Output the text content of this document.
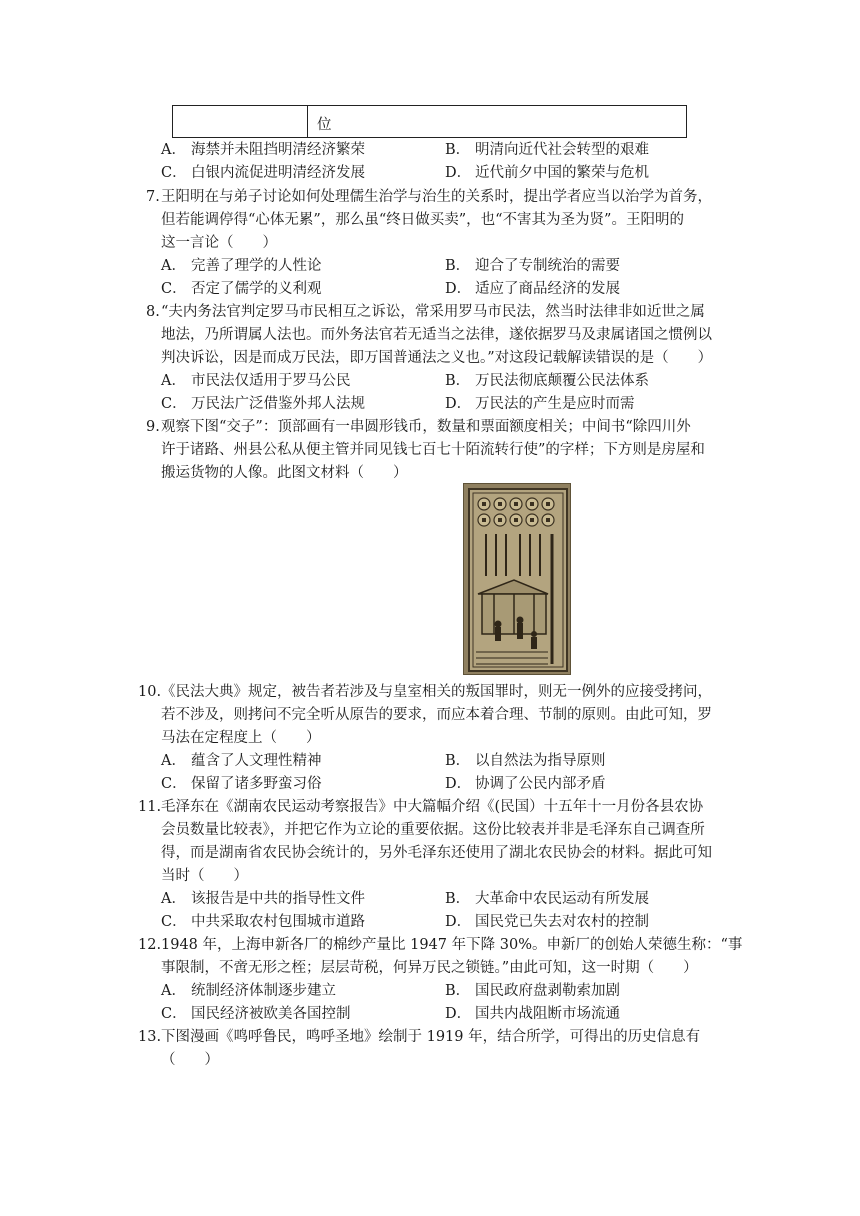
位
A． 海禁并未阻挡明清经济繁荣	B． 明清向近代社会转型的艰难
C． 白银内流促进明清经济发展	D． 近代前夕中国的繁荣与危机
7. 王阳明在与弟子讨论如何处理儒生治学与治生的关系时，提出学者应当以治学为首务，
但若能调停得“心体无累”，那么虽“终日做买卖”，也“不害其为圣为贤”。王阳明的
这一言论（　　）
A． 完善了理学的人性论	B． 迎合了专制统治的需要
C． 否定了儒学的义利观	D． 适应了商品经济的发展
8. “夫内务法官判定罗马市民相互之诉讼，常采用罗马市民法，然当时法律非如近世之属
地法，乃所谓属人法也。而外务法官若无适当之法律，遂依据罗马及隶属诸国之惯例以
判决诉讼，因是而成万民法，即万国普通法之义也。”对这段记载解读错误的是（　　）
A． 市民法仅适用于罗马公民	B． 万民法彻底颠覆公民法体系
C． 万民法广泛借鉴外邦人法规	D． 万民法的产生是应时而需
9. 观察下图“交子”：顶部画有一串圆形钱币，数量和票面额度相关；中间书“除四川外
许于诸路、州县公私从便主管并同见钱七百七十陌流转行使”的字样；下方则是房屋和
搬运货物的人像。此图文材料（　　）
10. 《民法大典》规定，被告者若涉及与皇室相关的叛国罪时，则无一例外的应接受拷问，
若不涉及，则拷问不完全听从原告的要求，而应本着合理、节制的原则。由此可知，罗
马法在定程度上（　　）
A． 蕴含了人文理性精神	B． 以自然法为指导原则
C． 保留了诸多野蛮习俗	D． 协调了公民内部矛盾
11. 毛泽东在《湖南农民运动考察报告》中大篇幅介绍《(民国）十五年十一月份各县农协
会员数量比较表》，并把它作为立论的重要依据。这份比较表并非是毛泽东自己调查所
得，而是湖南省农民协会统计的，另外毛泽东还使用了湖北农民协会的材料。据此可知
当时（　　）
A． 该报告是中共的指导性文件	B． 大革命中农民运动有所发展
C． 中共采取农村包围城市道路	D． 国民党已失去对农村的控制
12. 1948 年，上海申新各厂的棉纱产量比 1947 年下降 30%。申新厂的创始人荣德生称：“事
事限制，不啻无形之桎；层层苛税，何异万民之锁链。”由此可知，这一时期（　　）
A． 统制经济体制逐步建立	B． 国民政府盘剥勒索加剧
C． 国民经济被欧美各国控制	D． 国共内战阻断市场流通
13. 下图漫画《鸣呼鲁民，鸣呼圣地》绘制于 1919 年，结合所学，可得出的历史信息有
（　　）
